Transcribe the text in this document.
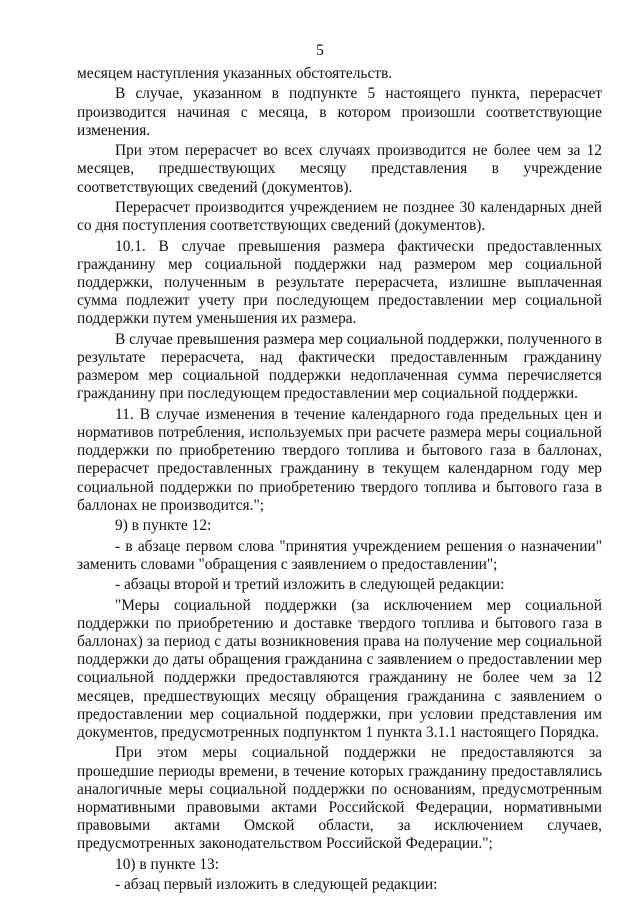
5

месяцем наступления указанных обстоятельств.

В случае, указанном в подпункте 5 настоящего пункта, перерасчет производится начиная с месяца, в котором произошли соответствующие изменения.

При этом перерасчет во всех случаях производится не более чем за 12 месяцев, предшествующих месяцу представления в учреждение соответствующих сведений (документов).

Перерасчет производится учреждением не позднее 30 календарных дней со дня поступления соответствующих сведений (документов).

10.1. В случае превышения размера фактически предоставленных гражданину мер социальной поддержки над размером мер социальной поддержки, полученным в результате перерасчета, излишне выплаченная сумма подлежит учету при последующем предоставлении мер социальной поддержки путем уменьшения их размера.

В случае превышения размера мер социальной поддержки, полученного в результате перерасчета, над фактически предоставленным гражданину размером мер социальной поддержки недоплаченная сумма перечисляется гражданину при последующем предоставлении мер социальной поддержки.

11. В случае изменения в течение календарного года предельных цен и нормативов потребления, используемых при расчете размера меры социальной поддержки по приобретению твердого топлива и бытового газа в баллонах, перерасчет предоставленных гражданину в текущем календарном году мер социальной поддержки по приобретению твердого топлива и бытового газа в баллонах не производится.";

9) в пункте 12:

- в абзаце первом слова "принятия учреждением решения о назначении" заменить словами "обращения с заявлением о предоставлении";

- абзацы второй и третий изложить в следующей редакции:

"Меры социальной поддержки (за исключением мер социальной поддержки по приобретению и доставке твердого топлива и бытового газа в баллонах) за период с даты возникновения права на получение мер социальной поддержки до даты обращения гражданина с заявлением о предоставлении мер социальной поддержки предоставляются гражданину не более чем за 12 месяцев, предшествующих месяцу обращения гражданина с заявлением о предоставлении мер социальной поддержки, при условии представления им документов, предусмотренных подпунктом 1 пункта 3.1.1 настоящего Порядка.

При этом меры социальной поддержки не предоставляются за прошедшие периоды времени, в течение которых гражданину предоставлялись аналогичные меры социальной поддержки по основаниям, предусмотренным нормативными правовыми актами Российской Федерации, нормативными правовыми актами Омской области, за исключением случаев, предусмотренных законодательством Российской Федерации.";

10) в пункте 13:

- абзац первый изложить в следующей редакции:
